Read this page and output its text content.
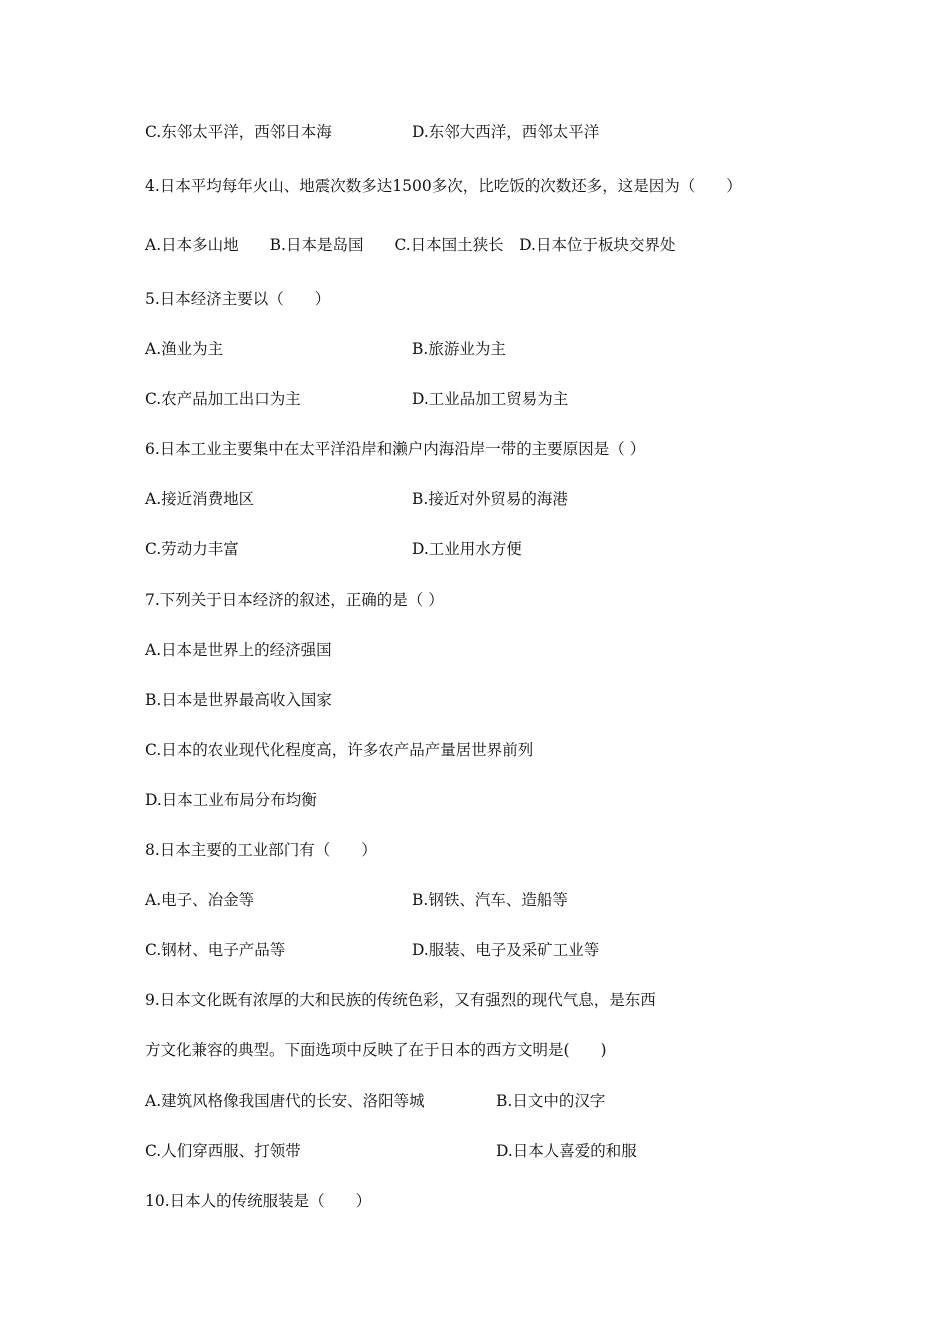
C.东邻太平洋，西邻日本海	D.东邻大西洋，西邻太平洋
4.日本平均每年火山、地震次数多达1500多次，比吃饭的次数还多，这是因为（　　）
A.日本多山地　　B.日本是岛国　　C.日本国土狭长　D.日本位于板块交界处
5.日本经济主要以（　　）
A.渔业为主	B.旅游业为主
C.农产品加工出口为主	D.工业品加工贸易为主
6.日本工业主要集中在太平洋沿岸和濑户内海沿岸一带的主要原因是（ ）
A.接近消费地区	B.接近对外贸易的海港
C.劳动力丰富	D.工业用水方便
7.下列关于日本经济的叙述，正确的是（ ）
A.日本是世界上的经济强国
B.日本是世界最高收入国家
C.日本的农业现代化程度高，许多农产品产量居世界前列
D.日本工业布局分布均衡
8.日本主要的工业部门有（　　）
A.电子、冶金等	B.钢铁、汽车、造船等
C.钢材、电子产品等	D.服装、电子及采矿工业等
9.日本文化既有浓厚的大和民族的传统色彩，又有强烈的现代气息，是东西
方文化兼容的典型。下面选项中反映了在于日本的西方文明是(　　)
A.建筑风格像我国唐代的长安、洛阳等城	B.日文中的汉字
C.人们穿西服、打领带	D.日本人喜爱的和服
10.日本人的传统服装是（　　）
